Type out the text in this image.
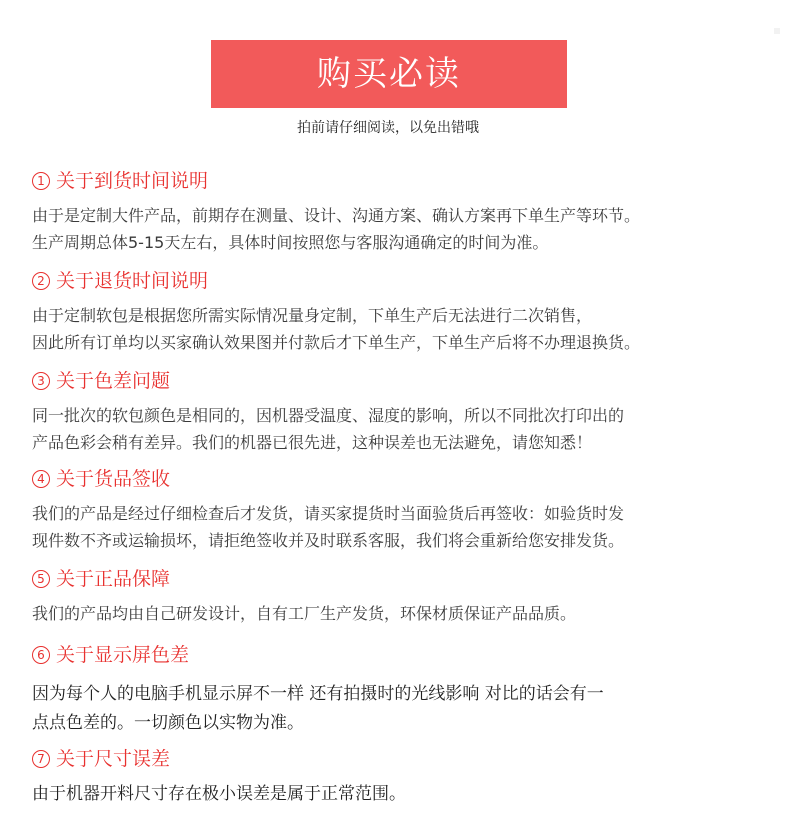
购买必读
拍前请仔细阅读，以免出错哦
1 关于到货时间说明
由于是定制大件产品，前期存在测量、设计、沟通方案、确认方案再下单生产等环节。
生产周期总体5-15天左右，具体时间按照您与客服沟通确定的时间为准。
2 关于退货时间说明
由于定制软包是根据您所需实际情况量身定制，下单生产后无法进行二次销售，
因此所有订单均以买家确认效果图并付款后才下单生产，下单生产后将不办理退换货。
3 关于色差问题
同一批次的软包颜色是相同的，因机器受温度、湿度的影响，所以不同批次打印出的
产品色彩会稍有差异。我们的机器已很先进，这种误差也无法避免，请您知悉！
4 关于货品签收
我们的产品是经过仔细检查后才发货，请买家提货时当面验货后再签收：如验货时发
现件数不齐或运输损坏，请拒绝签收并及时联系客服，我们将会重新给您安排发货。
5 关于正品保障
我们的产品均由自己研发设计，自有工厂生产发货，环保材质保证产品品质。
6 关于显示屏色差
因为每个人的电脑手机显示屏不一样 还有拍摄时的光线影响 对比的话会有一
点点色差的。一切颜色以实物为准。
7 关于尺寸误差
由于机器开料尺寸存在极小误差是属于正常范围。
